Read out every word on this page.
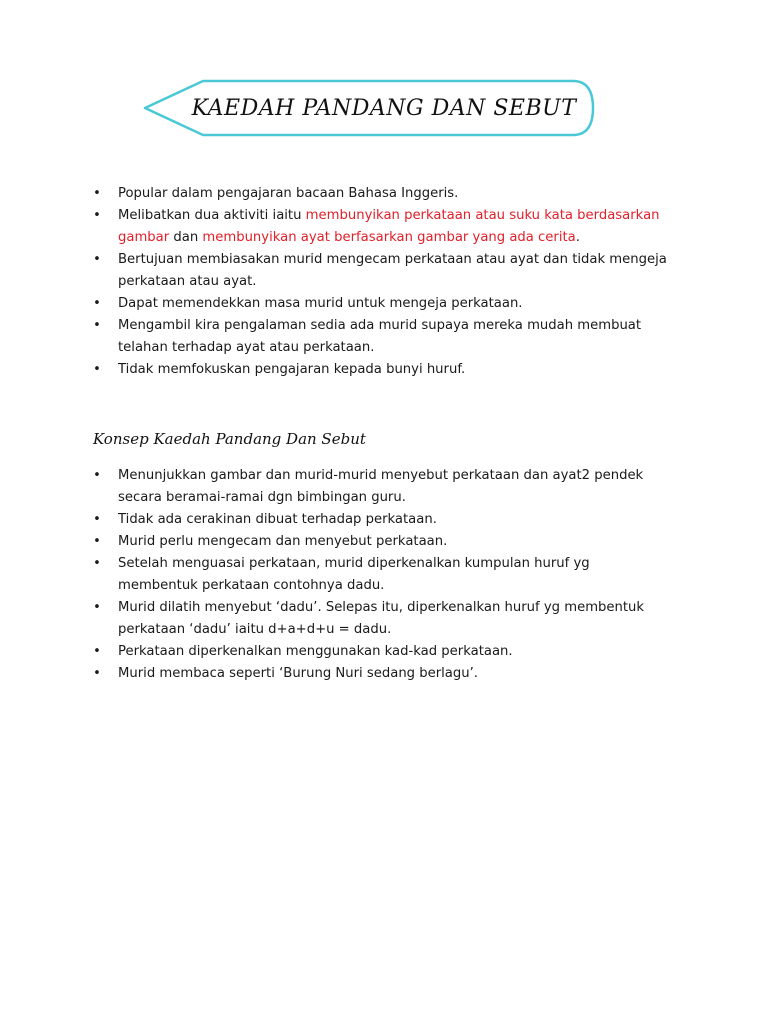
KAEDAH PANDANG DAN SEBUT
• Popular dalam pengajaran bacaan Bahasa Inggeris.
• Melibatkan dua aktiviti iaitu membunyikan perkataan atau suku kata berdasarkan gambar dan membunyikan ayat berfasarkan gambar yang ada cerita.
• Bertujuan membiasakan murid mengecam perkataan atau ayat dan tidak mengeja perkataan atau ayat.
• Dapat memendekkan masa murid untuk mengeja perkataan.
• Mengambil kira pengalaman sedia ada murid supaya mereka mudah membuat telahan terhadap ayat atau perkataan.
• Tidak memfokuskan pengajaran kepada bunyi huruf.
Konsep Kaedah Pandang Dan Sebut
• Menunjukkan gambar dan murid-murid menyebut perkataan dan ayat2 pendek secara beramai-ramai dgn bimbingan guru.
• Tidak ada cerakinan dibuat terhadap perkataan.
• Murid perlu mengecam dan menyebut perkataan.
• Setelah menguasai perkataan, murid diperkenalkan kumpulan huruf yg membentuk perkataan contohnya dadu.
• Murid dilatih menyebut ‘dadu’. Selepas itu, diperkenalkan huruf yg membentuk perkataan ‘dadu’ iaitu d+a+d+u = dadu.
• Perkataan diperkenalkan menggunakan kad-kad perkataan.
• Murid membaca seperti ‘Burung Nuri sedang berlagu’.
